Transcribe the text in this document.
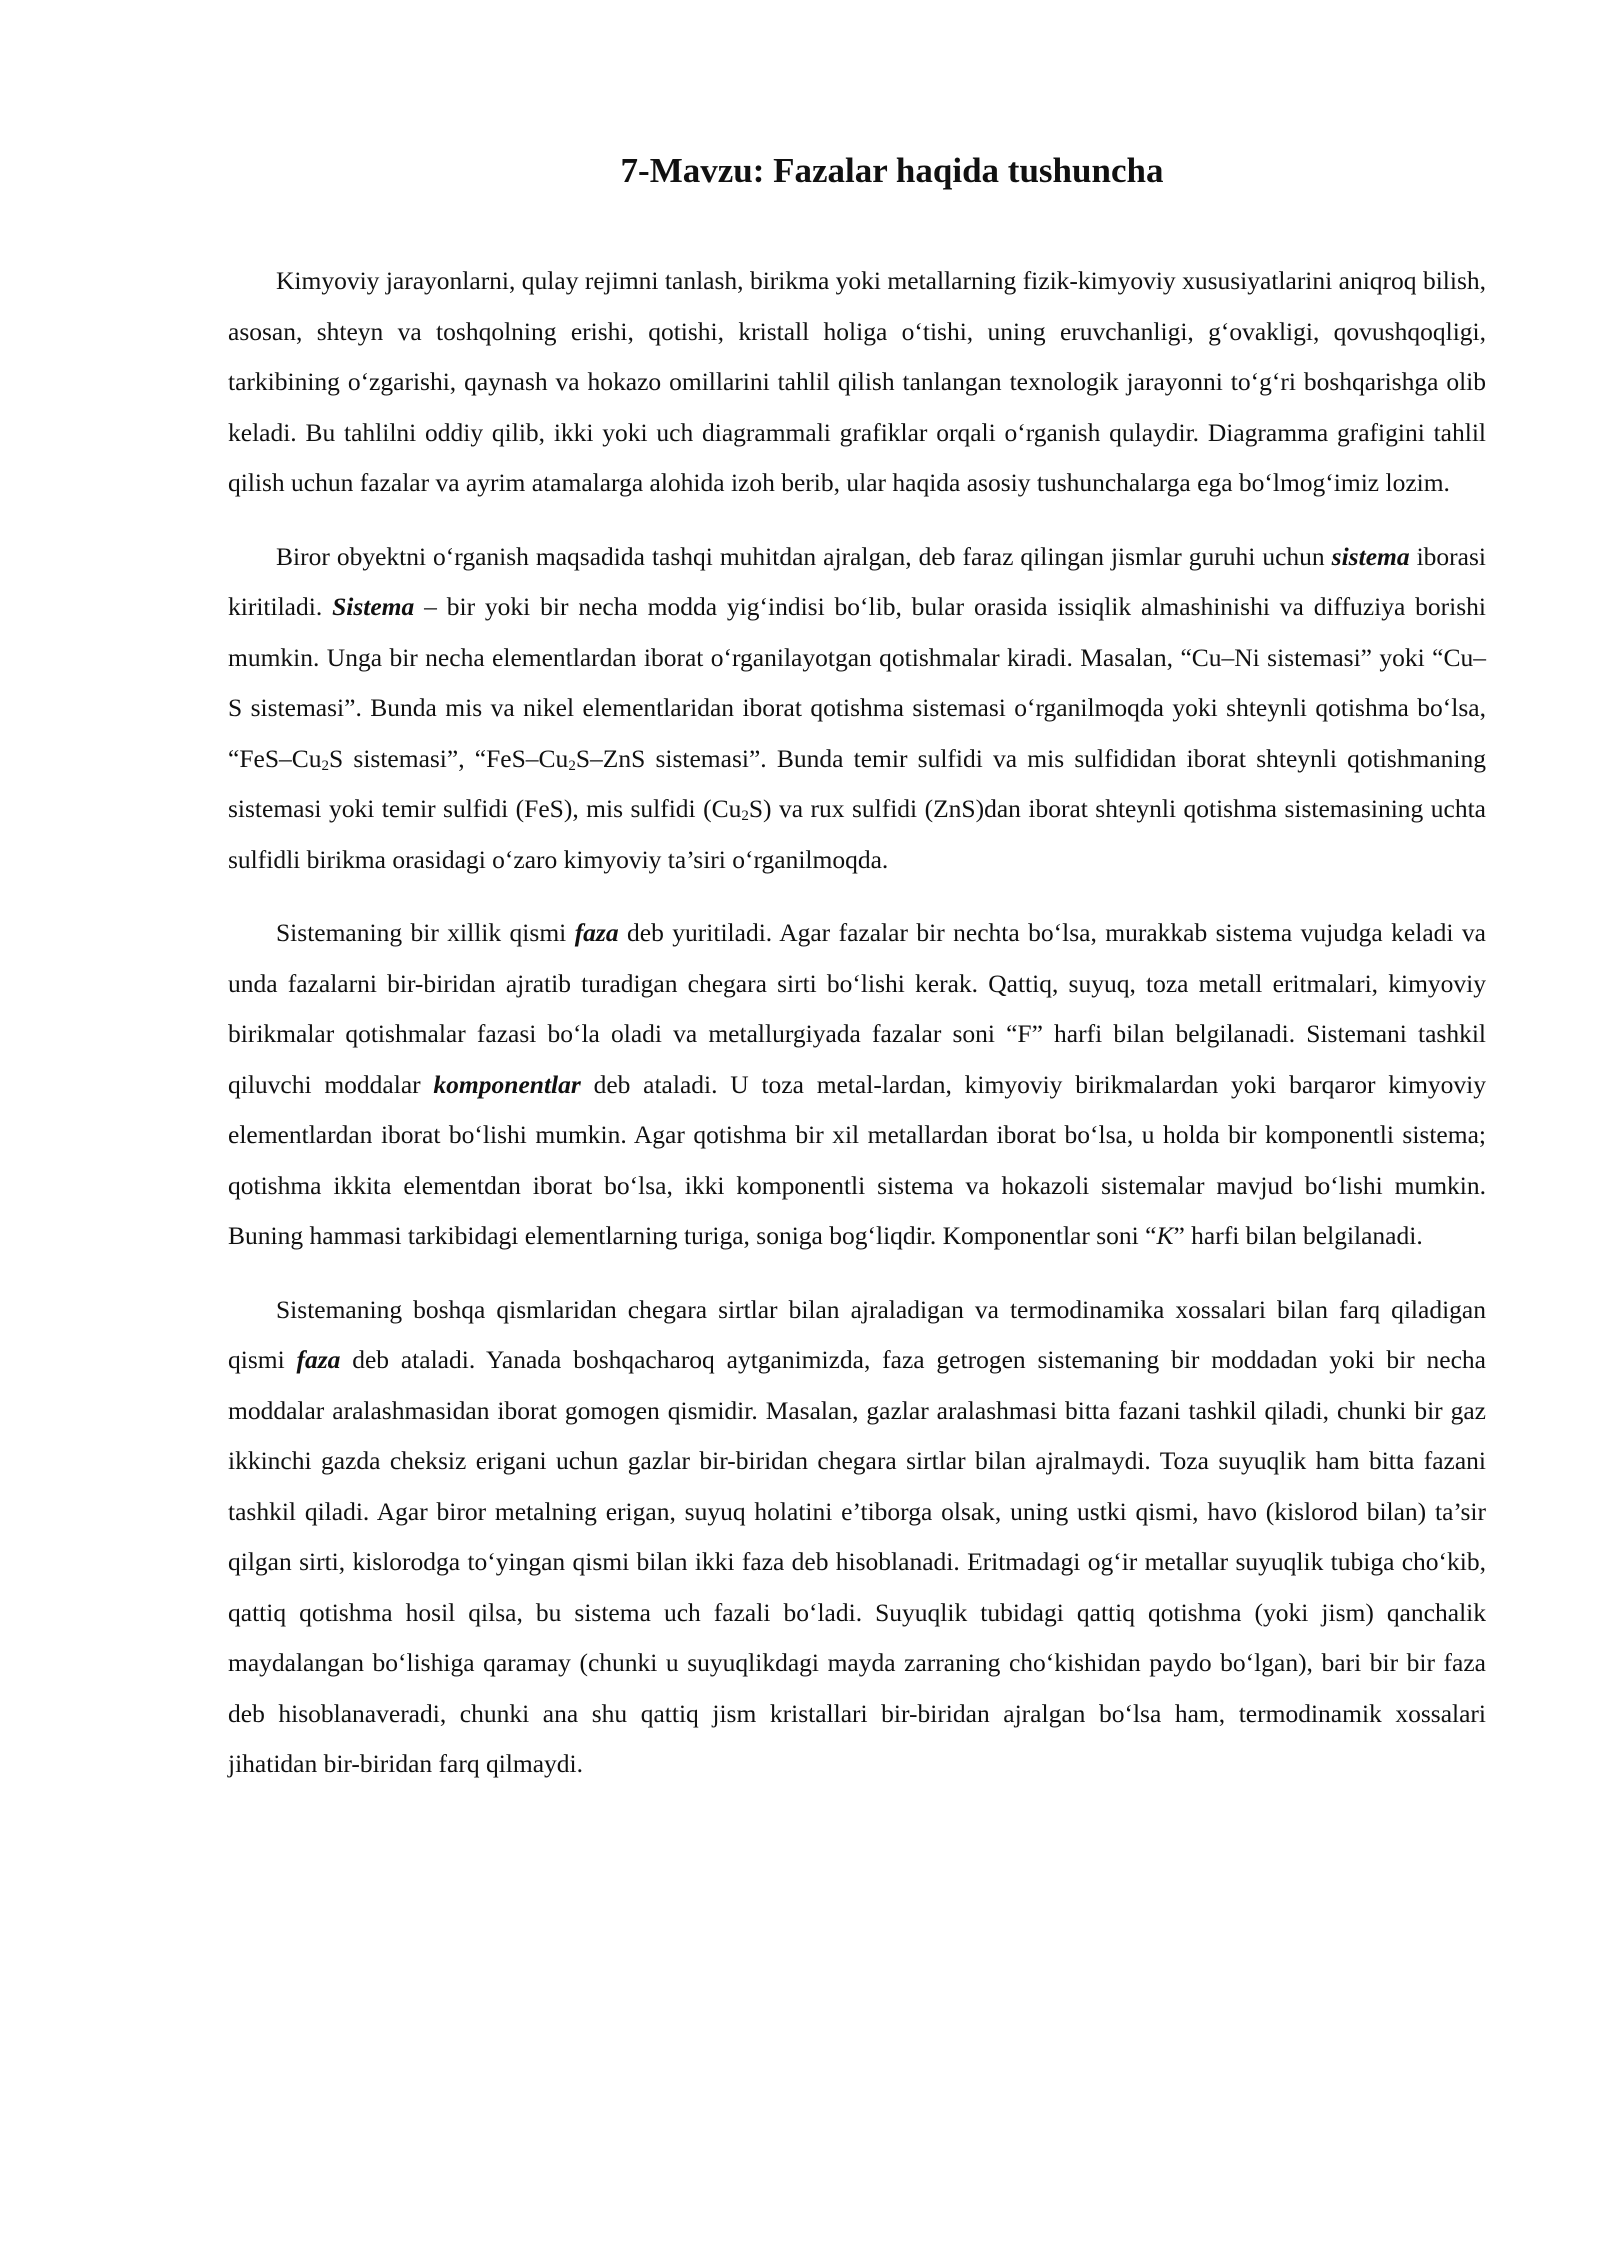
7-Mavzu: Fazalar haqida tushuncha

Kimyoviy jarayonlarni, qulay rejimni tanlash, birikma yoki metallarning fizik-kimyoviy xususiyatlarini aniqroq bilish, asosan, shteyn va toshqolning erishi, qotishi, kristall holiga o‘tishi, uning eruvchanligi, g‘ovakligi, qovushqoqligi, tarkibining o‘zgarishi, qaynash va hokazo omillarini tahlil qilish tanlangan texnologik jarayonni to‘g‘ri boshqarishga olib keladi. Bu tahlilni oddiy qilib, ikki yoki uch diagrammali grafiklar orqali o‘rganish qulaydir. Diagramma grafigini tahlil qilish uchun fazalar va ayrim atamalarga alohida izoh berib, ular haqida asosiy tushunchalarga ega bo‘lmog‘imiz lozim.

Biror obyektni o‘rganish maqsadida tashqi muhitdan ajralgan, deb faraz qilingan jismlar guruhi uchun sistema iborasi kiritiladi. Sistema – bir yoki bir necha modda yig‘indisi bo‘lib, bular orasida issiqlik almashinishi va diffuziya borishi mumkin. Unga bir necha elementlardan iborat o‘rganilayotgan qotishmalar kiradi. Masalan, “Cu–Ni sistemasi” yoki “Cu–S sistemasi”. Bunda mis va nikel elementlaridan iborat qotishma sistemasi o‘rganilmoqda yoki shteynli qotishma bo‘lsa, “$FeS-Cu_2S$ sistemasi”, “$FeS-Cu_2S$–ZnS sistemasi”. Bunda temir sulfidi va mis sulfididan iborat shteynli qotishmaning sistemasi yoki temir sulfidi (FeS), mis sulfidi $(Cu_2S)$ va rux sulfidi (ZnS)dan iborat shteynli qotishma sistemasining uchta sulfidli birikma orasidagi o‘zaro kimyoviy ta’siri o‘rganilmoqda.

Sistemaning bir xillik qismi faza deb yuritiladi. Agar fazalar bir nechta bo‘lsa, murakkab sistema vujudga keladi va unda fazalarni bir-biridan ajratib turadigan chegara sirti bo‘lishi kerak. Qattiq, suyuq, toza metall eritmalari, kimyoviy birikmalar qotishmalar fazasi bo‘la oladi va metallurgiyada fazalar soni “F” harfi bilan belgilanadi. Sistemani tashkil qiluvchi moddalar komponentlar deb ataladi. U toza metal-lardan, kimyoviy birikmalardan yoki barqaror kimyoviy elementlardan iborat bo‘lishi mumkin. Agar qotishma bir xil metallardan iborat bo‘lsa, u holda bir komponentli sistema; qotishma ikkita elementdan iborat bo‘lsa, ikki komponentli sistema va hokazoli sistemalar mavjud bo‘lishi mumkin. Buning hammasi tarkibidagi elementlarning turiga, soniga bog‘liqdir. Komponentlar soni “K” harfi bilan belgilanadi.

Sistemaning boshqa qismlaridan chegara sirtlar bilan ajraladigan va termodinamika xossalari bilan farq qiladigan qismi faza deb ataladi. Yanada boshqacharoq aytganimizda, faza getrogen sistemaning bir moddadan yoki bir necha moddalar aralashmasidan iborat gomogen qismidir. Masalan, gazlar aralashmasi bitta fazani tashkil qiladi, chunki bir gaz ikkinchi gazda cheksiz erigani uchun gazlar bir-biridan chegara sirtlar bilan ajralmaydi. Toza suyuqlik ham bitta fazani tashkil qiladi. Agar biror metalning erigan, suyuq holatini e’tiborga olsak, uning ustki qismi, havo (kislorod bilan) ta’sir qilgan sirti, kislorodga to‘yingan qismi bilan ikki faza deb hisoblanadi. Eritmadagi og‘ir metallar suyuqlik tubiga cho‘kib, qattiq qotishma hosil qilsa, bu sistema uch fazali bo‘ladi. Suyuqlik tubidagi qattiq qotishma (yoki jism) qanchalik maydalangan bo‘lishiga qaramay (chunki u suyuqlikdagi mayda zarraning cho‘kishidan paydo bo‘lgan), bari bir bir faza deb hisoblanaveradi, chunki ana shu qattiq jism kristallari bir-biridan ajralgan bo‘lsa ham, termodinamik xossalari jihatidan bir-biridan farq qilmaydi.
